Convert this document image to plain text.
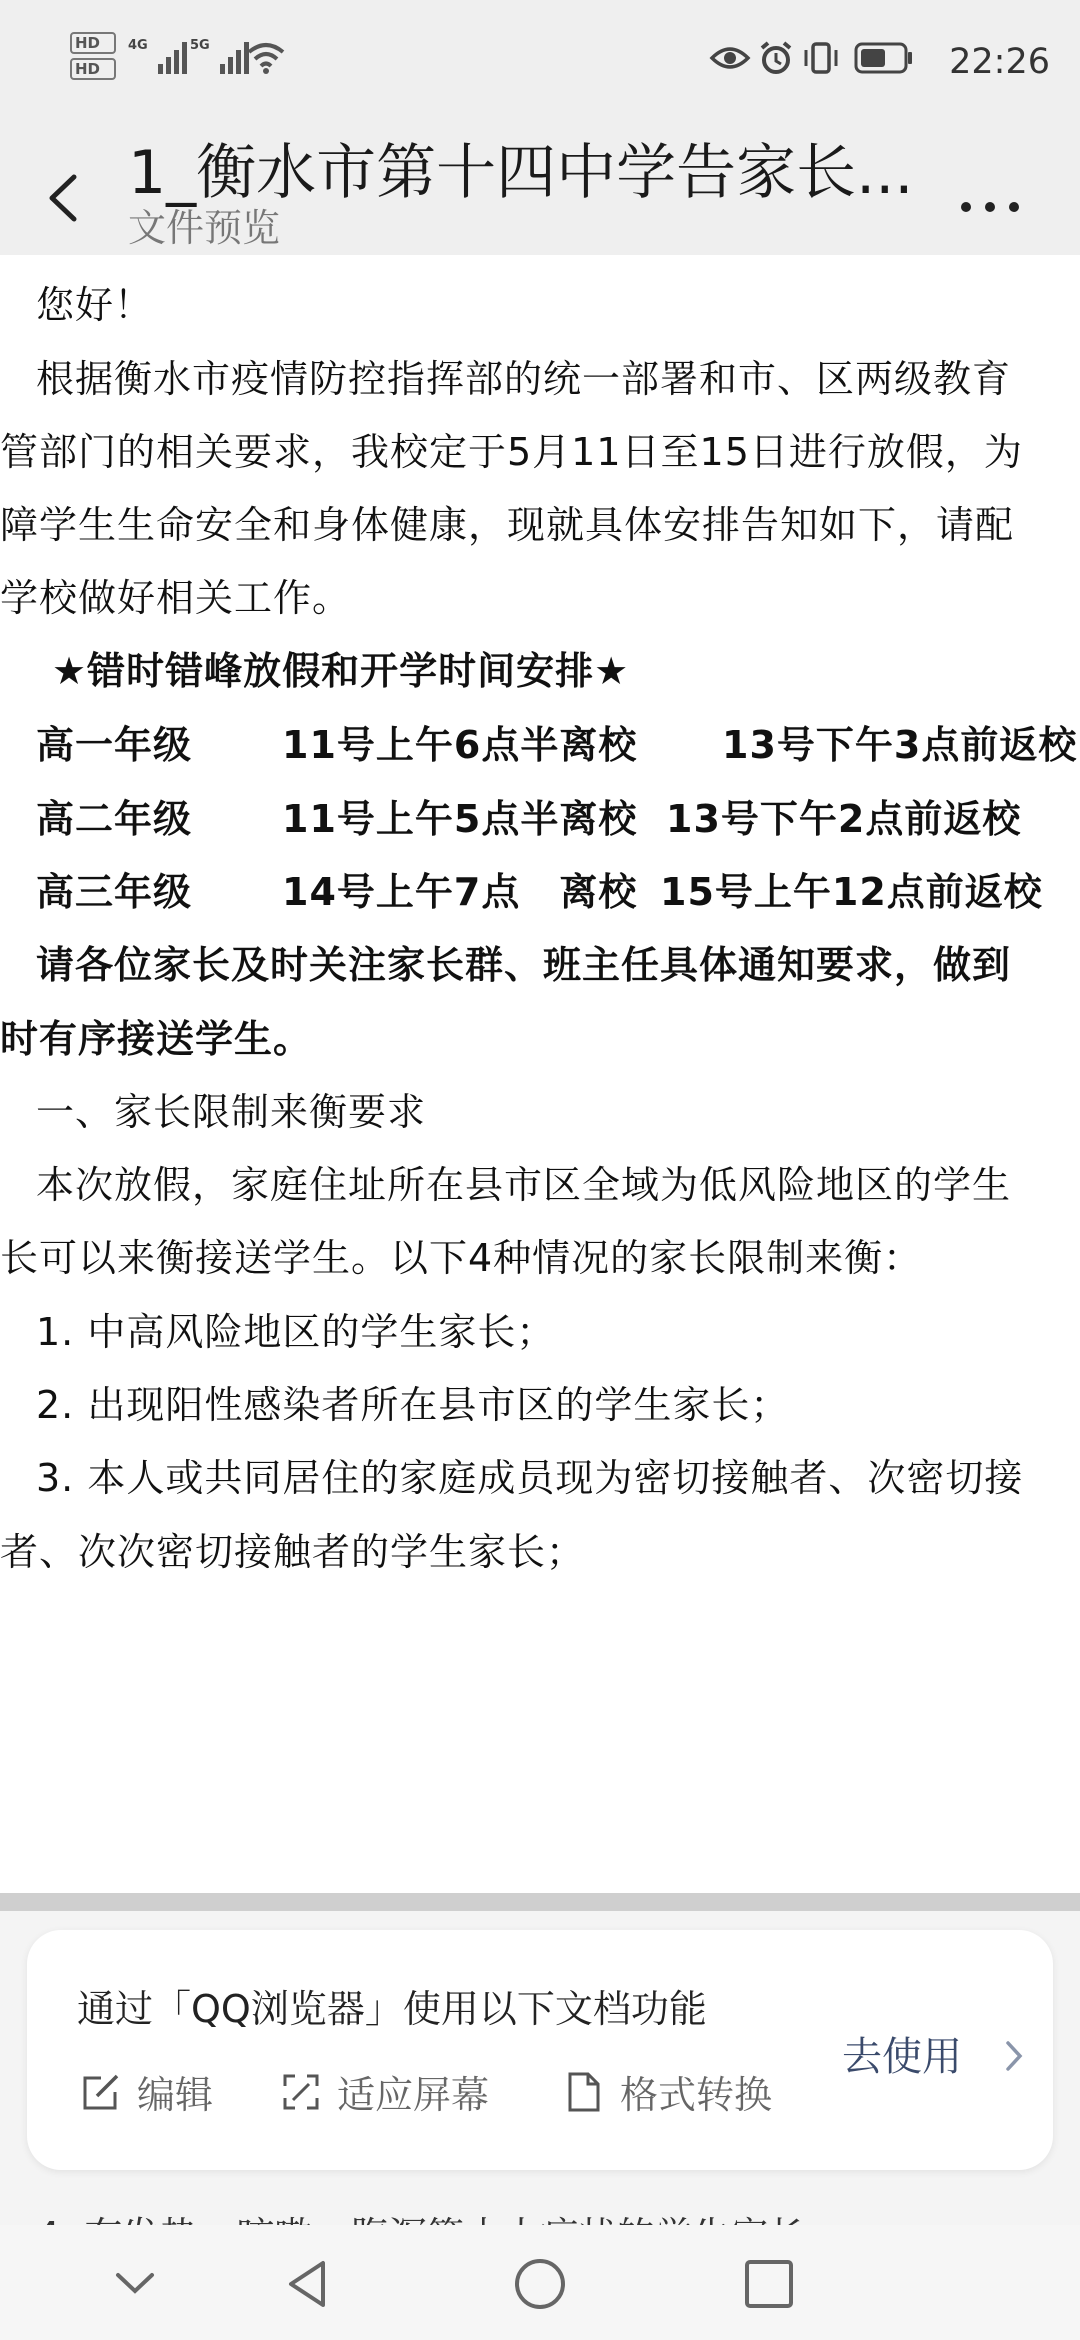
HD
HD
4G	5G	22:26
1_衡水市第十四中学告家长...
文件预览
您好！
根据衡水市疫情防控指挥部的统一部署和市、区两级教育
管部门的相关要求，我校定于5月11日至15日进行放假，为
障学生生命安全和身体健康，现就具体安排告知如下，请配
学校做好相关工作。
★错时错峰放假和开学时间安排★
高一年级 11号上午6点半离校 13号下午3点前返校
高二年级 11号上午5点半离校 13号下午2点前返校
高三年级 14号上午7点　离校 15号上午12点前返校
请各位家长及时关注家长群、班主任具体通知要求，做到
时有序接送学生。
一、家长限制来衡要求
本次放假，家庭住址所在县市区全域为低风险地区的学生
长可以来衡接送学生。以下4种情况的家长限制来衡：
1. 中高风险地区的学生家长；
2. 出现阳性感染者所在县市区的学生家长；
3. 本人或共同居住的家庭成员现为密切接触者、次密切接
者、次次密切接触者的学生家长；
通过「QQ浏览器」使用以下文档功能
编辑	适应屏幕	格式转换
去使用
